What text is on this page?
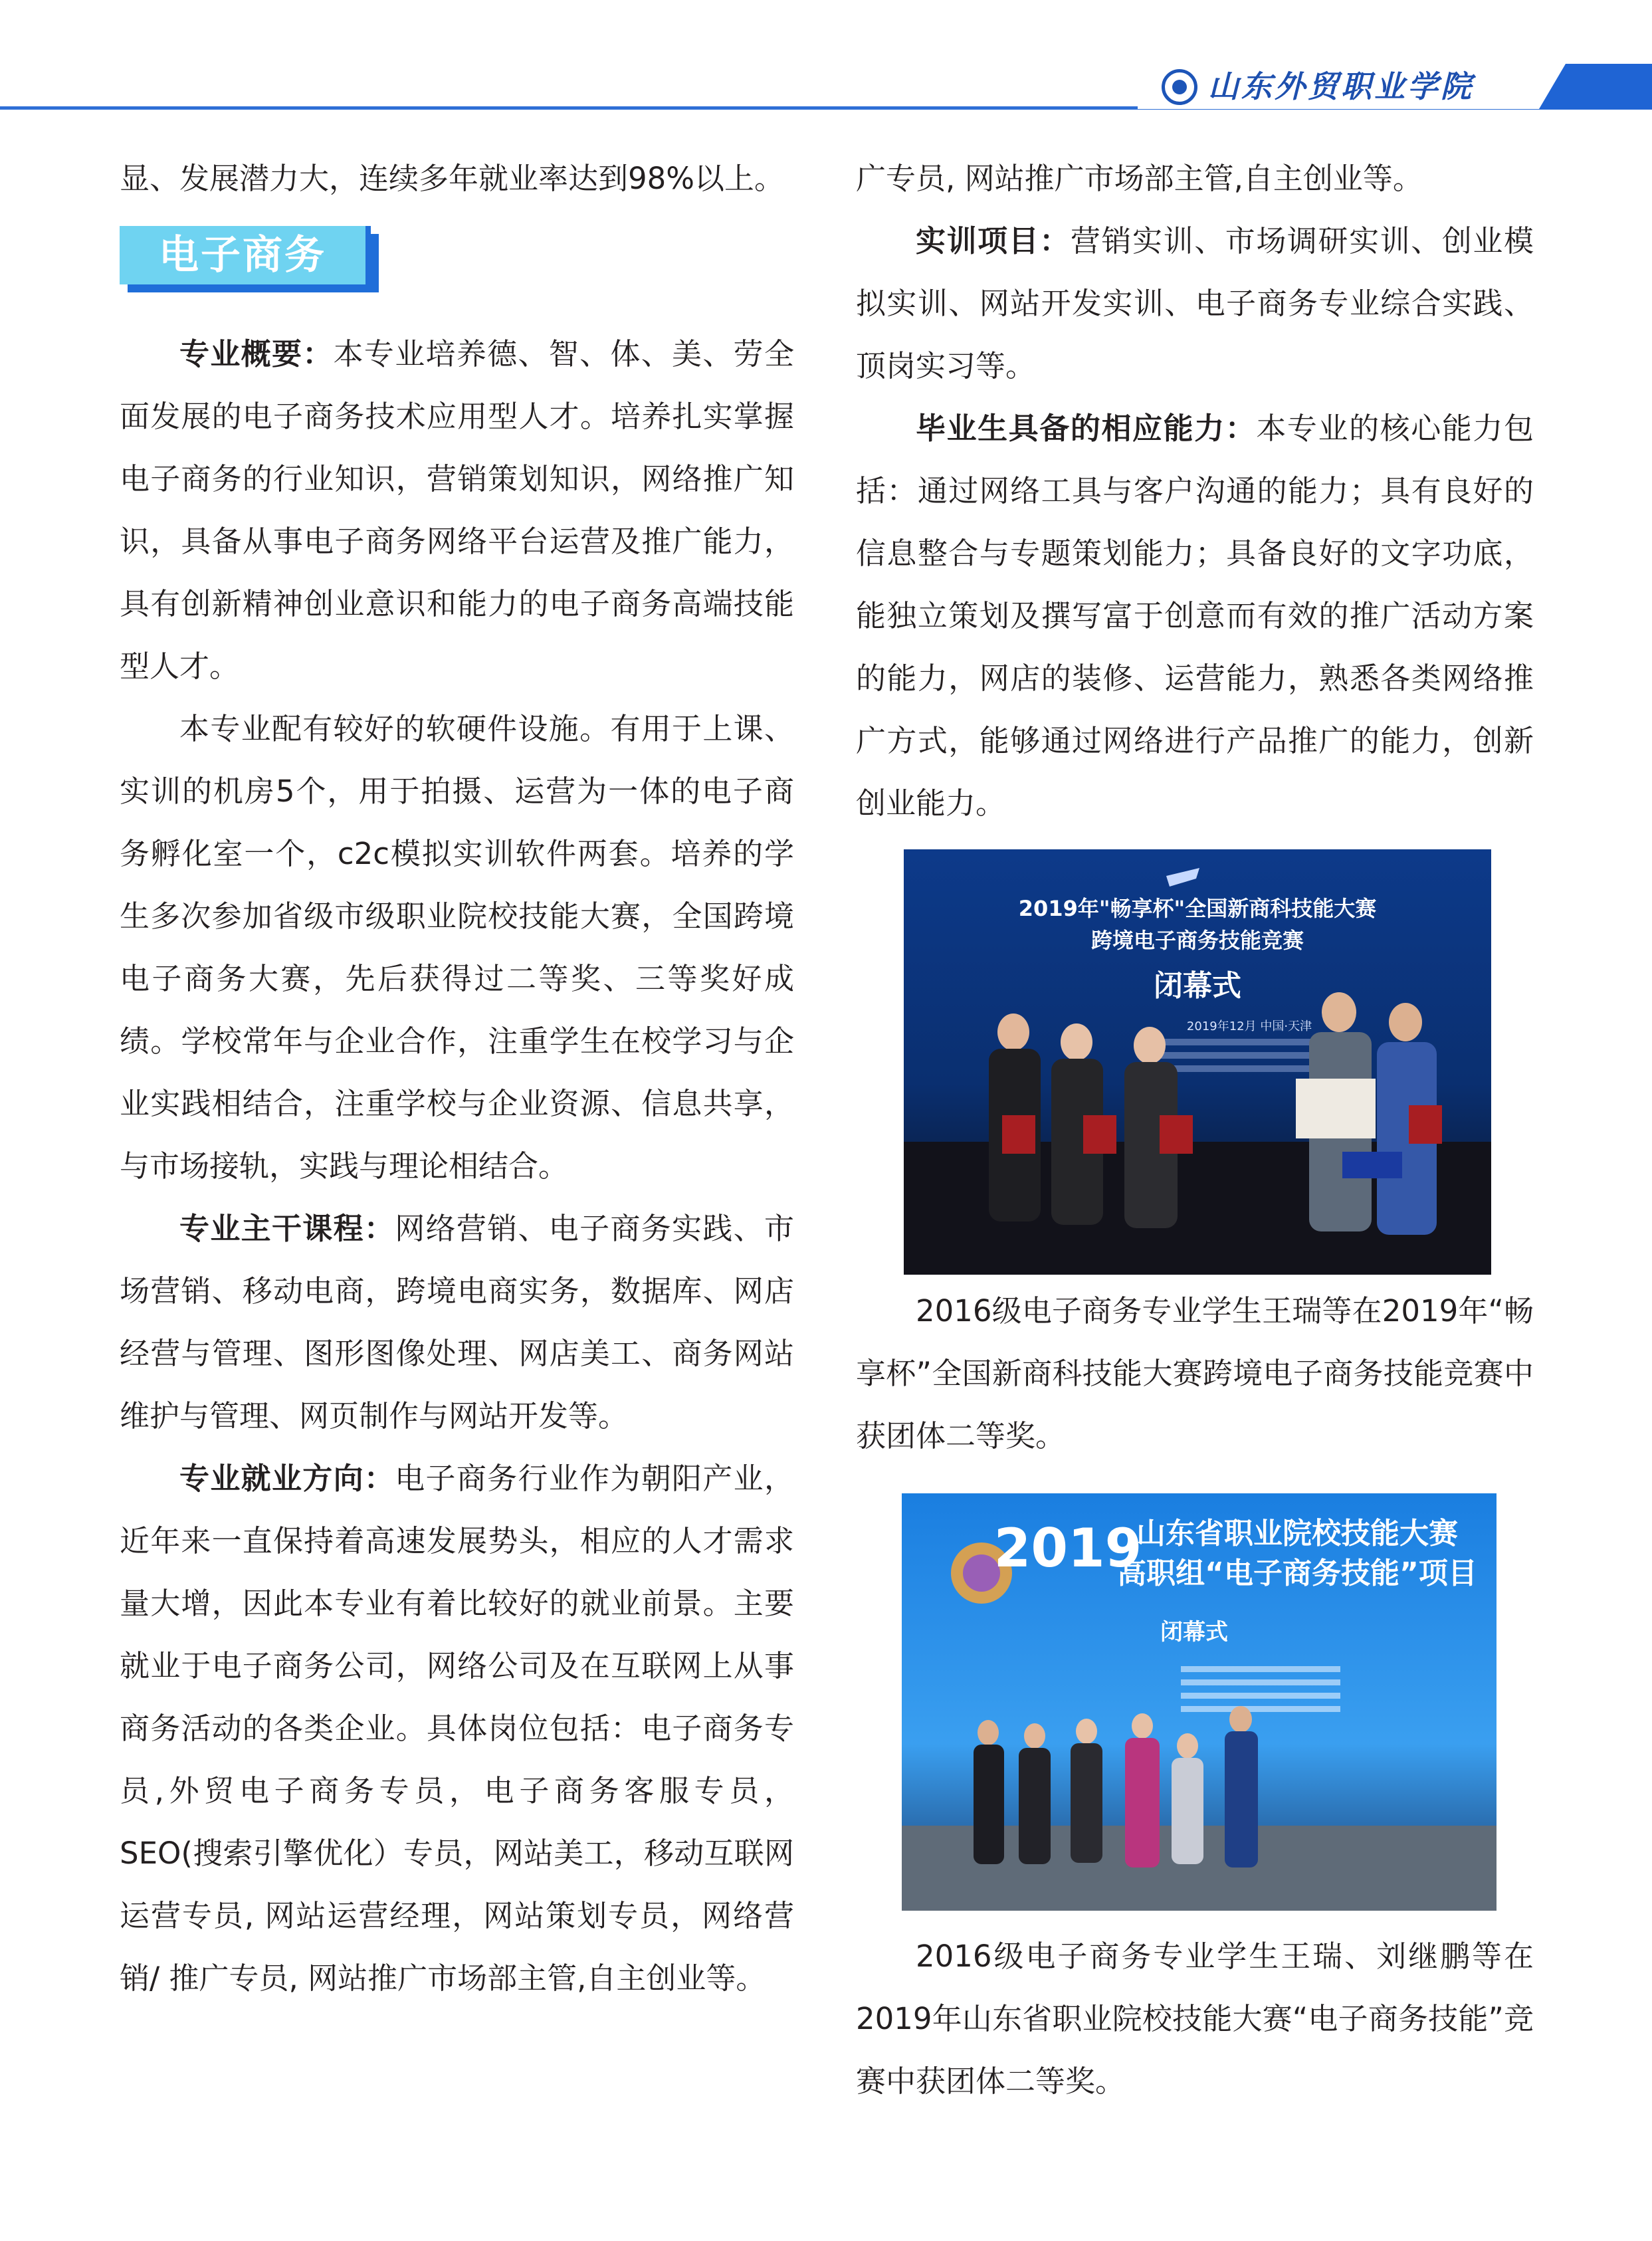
山东外贸职业学院

显、发展潜力大，连续多年就业率达到98%以上。

电子商务

专业概要：本专业培养德、智、体、美、劳全面发展的电子商务技术应用型人才。培养扎实掌握电子商务的行业知识，营销策划知识，网络推广知识，具备从事电子商务网络平台运营及推广能力，具有创新精神创业意识和能力的电子商务高端技能型人才。

本专业配有较好的软硬件设施。有用于上课、实训的机房5个，用于拍摄、运营为一体的电子商务孵化室一个，c2c模拟实训软件两套。培养的学生多次参加省级市级职业院校技能大赛，全国跨境电子商务大赛，先后获得过二等奖、三等奖好成绩。学校常年与企业合作，注重学生在校学习与企业实践相结合，注重学校与企业资源、信息共享，与市场接轨，实践与理论相结合。

专业主干课程：网络营销、电子商务实践、市场营销、移动电商，跨境电商实务，数据库、网店经营与管理、图形图像处理、网店美工、商务网站维护与管理、网页制作与网站开发等。

专业就业方向：电子商务行业作为朝阳产业，近年来一直保持着高速发展势头，相应的人才需求量大增，因此本专业有着比较好的就业前景。主要就业于电子商务公司，网络公司及在互联网上从事商务活动的各类企业。具体岗位包括：电子商务专员,外贸电子商务专员，电子商务客服专员，SEO(搜索引擎优化）专员，网站美工，移动互联网运营专员, 网站运营经理，网站策划专员，网络营销/ 推广专员, 网站推广市场部主管,自主创业等。

广专员, 网站推广市场部主管,自主创业等。

实训项目：营销实训、市场调研实训、创业模拟实训、网站开发实训、电子商务专业综合实践、顶岗实习等。

毕业生具备的相应能力：本专业的核心能力包括：通过网络工具与客户沟通的能力；具有良好的信息整合与专题策划能力；具备良好的文字功底，能独立策划及撰写富于创意而有效的推广活动方案的能力，网店的装修、运营能力，熟悉各类网络推广方式，能够通过网络进行产品推广的能力，创新创业能力。

2019年"畅享杯"全国新商科技能大赛
跨境电子商务技能竞赛
闭幕式
2019年12月 中国·天津
2016级电子商务专业学生王瑞等在2019年“畅享杯”全国新商科技能大赛跨境电子商务技能竞赛中获团体二等奖。
2019
山东省职业院校技能大赛
高职组“电子商务技能”项目
闭幕式
2016级电子商务专业学生王瑞、刘继鹏等在2019年山东省职业院校技能大赛“电子商务技能”竞赛中获团体二等奖。
